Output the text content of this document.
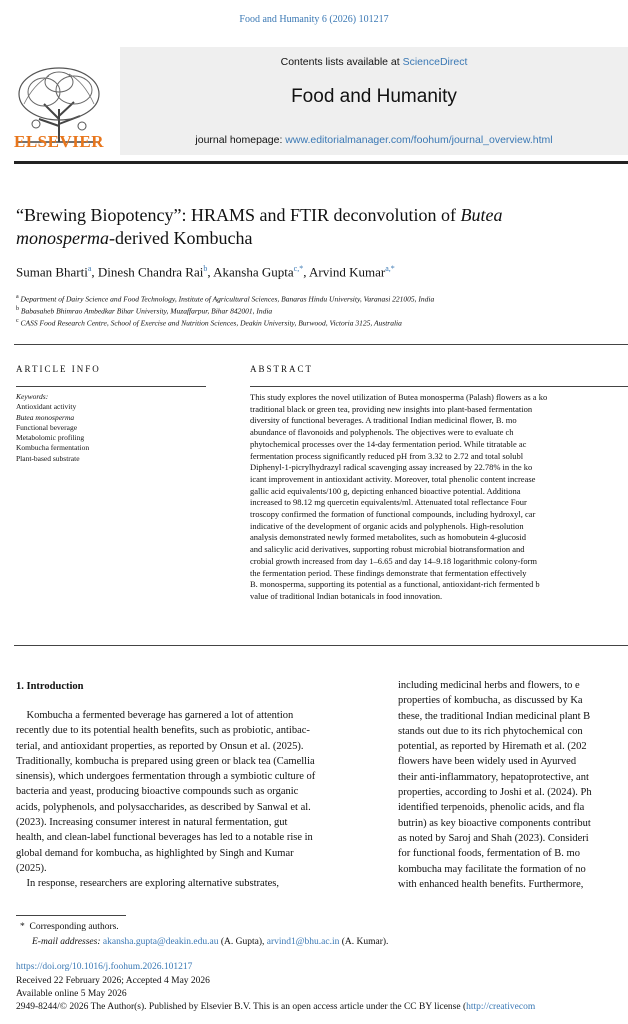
Food and Humanity 6 (2026) 101217
ELSEVIER
Contents lists available at ScienceDirect
Food and Humanity
journal homepage: www.editorialmanager.com/foohum/journal_overview.html
“Brewing Biopotency”: HRAMS and FTIR deconvolution of Butea
monosperma-derived Kombucha
Suman Bharti$^a$, Dinesh Chandra Rai$^b$, Akansha Gupta$^{c,*}$, Arvind Kumar$^{a,*}$
$^a$ Department of Dairy Science and Food Technology, Institute of Agricultural Sciences, Banaras Hindu University, Varanasi 221005, India
$^b$ Babasaheb Bhimrao Ambedkar Bihar University, Muzaffarpur, Bihar 842001, India
$^c$ CASS Food Research Centre, School of Exercise and Nutrition Sciences, Deakin University, Burwood, Victoria 3125, Australia
ARTICLE INFO	ABSTRACT
Keywords:
Antioxidant activity
Butea monosperma
Functional beverage
Metabolomic profiling
Kombucha fermentation
Plant-based substrate
This study explores the novel utilization of Butea monosperma (Palash) flowers as a ko
traditional black or green tea, providing new insights into plant-based fermentation
diversity of functional beverages. A traditional Indian medicinal flower, B. mo
abundance of flavonoids and polyphenols. The objectives were to evaluate ch
phytochemical processes over the 14-day fermentation period. While titratable ac
fermentation process significantly reduced pH from 3.32 to 2.72 and total solubl
Diphenyl-1-picrylhydrazyl radical scavenging assay increased by 22.78% in the ko
icant improvement in antioxidant activity. Moreover, total phenolic content increase
gallic acid equivalents/100 g, depicting enhanced bioactive potential. Additiona
increased to 98.12 mg quercetin equivalents/ml. Attenuated total reflectance Four
troscopy confirmed the formation of functional compounds, including hydroxyl, car
indicative of the development of organic acids and polyphenols. High-resolution
analysis demonstrated newly formed metabolites, such as homobutein 4-glucosid
and salicylic acid derivatives, supporting robust microbial biotransformation and
crobial growth increased from day 1–6.65 and day 14–9.18 logarithmic colony-form
the fermentation period. These findings demonstrate that fermentation effectively
B. monosperma, supporting its potential as a functional, antioxidant-rich fermented b
value of traditional Indian botanicals in food innovation.
1. Introduction
Kombucha a fermented beverage has garnered a lot of attention
recently due to its potential health benefits, such as probiotic, antibac-
terial, and antioxidant properties, as reported by Onsun et al. (2025).
Traditionally, kombucha is prepared using green or black tea (Camellia
sinensis), which undergoes fermentation through a symbiotic culture of
bacteria and yeast, producing bioactive compounds such as organic
acids, polyphenols, and polysaccharides, as described by Sanwal et al.
(2023). Increasing consumer interest in natural fermentation, gut
health, and clean-label functional beverages has led to a notable rise in
global demand for kombucha, as highlighted by Singh and Kumar
(2025).
In response, researchers are exploring alternative substrates,
including medicinal herbs and flowers, to e
properties of kombucha, as discussed by Ka
these, the traditional Indian medicinal plant B
stands out due to its rich phytochemical con
potential, as reported by Hiremath et al. (202
flowers have been widely used in Ayurved
their anti-inflammatory, hepatoprotective, ant
properties, according to Joshi et al. (2024). Ph
identified terpenoids, phenolic acids, and fla
butrin) as key bioactive components contribut
as noted by Saroj and Shah (2023). Consideri
for functional foods, fermentation of B. mo
kombucha may facilitate the formation of no
with enhanced health benefits. Furthermore,
*  Corresponding authors.
E-mail addresses: akansha.gupta@deakin.edu.au (A. Gupta), arvind1@bhu.ac.in (A. Kumar).
https://doi.org/10.1016/j.foohum.2026.101217
Received 22 February 2026; Accepted 4 May 2026
Available online 5 May 2026
2949-8244/© 2026 The Author(s). Published by Elsevier B.V. This is an open access article under the CC BY license (http://creativecom
